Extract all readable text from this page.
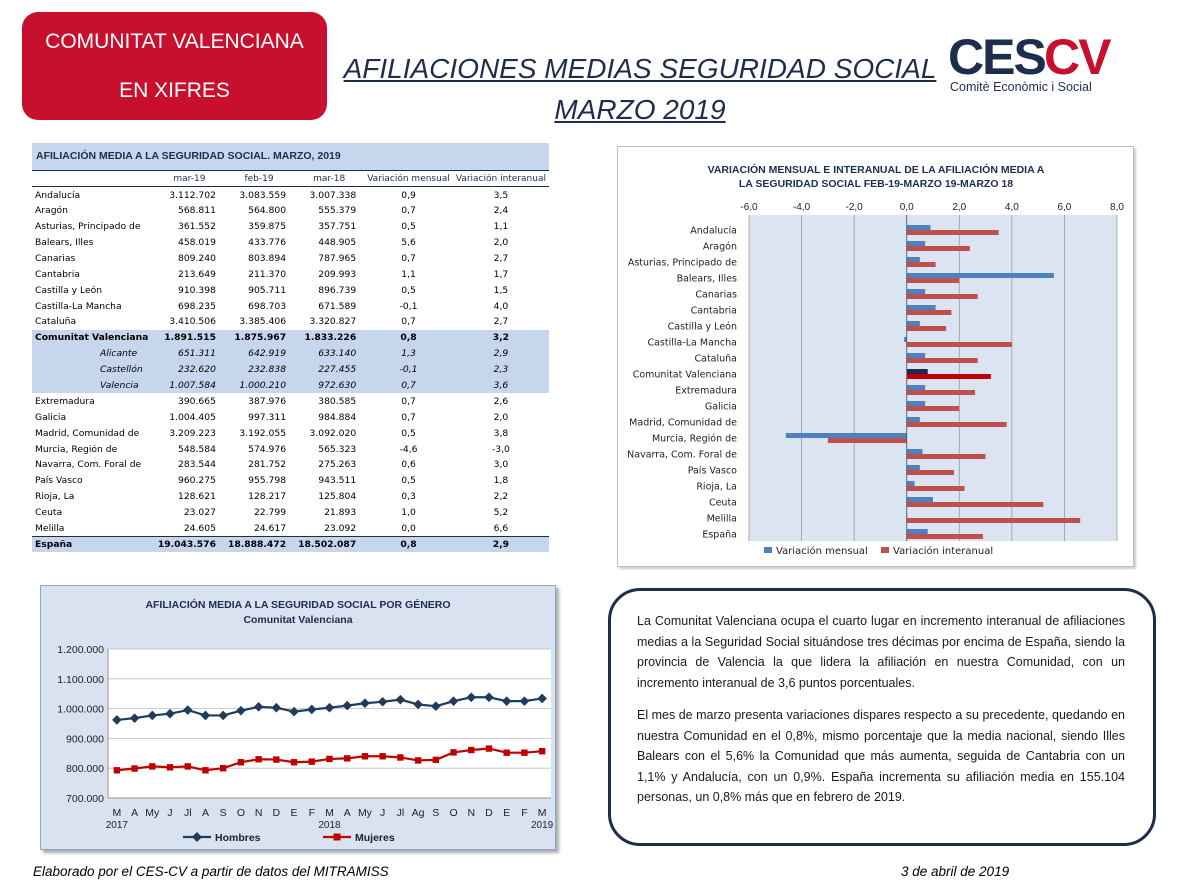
COMUNITAT VALENCIANA
EN XIFRES
AFILIACIONES MEDIAS SEGURIDAD SOCIAL
MARZO 2019
CES CV
Comitè Econòmic i Social
AFILIACIÓN MEDIA A LA SEGURIDAD SOCIAL. MARZO, 2019
	mar-19	feb-19	mar-18	Variación mensual	Variación interanual
Andalucía	3.112.702	3.083.559	3.007.338	0,9	3,5
Aragón	568.811	564.800	555.379	0,7	2,4
Asturias, Principado de	361.552	359.875	357.751	0,5	1,1
Balears, Illes	458.019	433.776	448.905	5,6	2,0
Canarias	809.240	803.894	787.965	0,7	2,7
Cantabria	213.649	211.370	209.993	1,1	1,7
Castilla y León	910.398	905.711	896.739	0,5	1,5
Castilla-La Mancha	698.235	698.703	671.589	-0,1	4,0
Cataluña	3.410.506	3.385.406	3.320.827	0,7	2,7
Comunitat Valenciana	1.891.515	1.875.967	1.833.226	0,8	3,2
Alicante	651.311	642.919	633.140	1,3	2,9
Castellón	232.620	232.838	227.455	-0,1	2,3
Valencia	1.007.584	1.000.210	972.630	0,7	3,6
Extremadura	390.665	387.976	380.585	0,7	2,6
Galicia	1.004.405	997.311	984.884	0,7	2,0
Madrid, Comunidad de	3.209.223	3.192.055	3.092.020	0,5	3,8
Murcia, Región de	548.584	574.976	565.323	-4,6	-3,0
Navarra, Com. Foral de	283.544	281.752	275.263	0,6	3,0
País Vasco	960.275	955.798	943.511	0,5	1,8
Rioja, La	128.621	128.217	125.804	0,3	2,2
Ceuta	23.027	22.799	21.893	1,0	5,2
Melilla	24.605	24.617	23.092	0,0	6,6
España	19.043.576	18.888.472	18.502.087	0,8	2,9
VARIACIÓN MENSUAL E INTERANUAL DE LA AFILIACIÓN MEDIA A
LA SEGURIDAD SOCIAL FEB-19-MARZO 19-MARZO 18
-6,0	-4,0	-2,0	0,0	2,0	4,0	6,0	8,0
Andalucía
Aragón
Asturias, Principado de
Balears, Illes
Canarias
Cantabria
Castilla y León
Castilla-La Mancha
Cataluña
Comunitat Valenciana
Extremadura
Galicia
Madrid, Comunidad de
Murcia, Región de
Navarra, Com. Foral de
País Vasco
Rioja, La
Ceuta
Melilla
España
Variación mensual	Variación interanual
AFILIACIÓN MEDIA A LA SEGURIDAD SOCIAL POR GÉNERO
Comunitat Valenciana
700.000
800.000
900.000
1.000.000
1.100.000
1.200.000
M A My J Jl A S O N D E F M A My J Jl Ag S O N D E F M
2017	2018	2019
Hombres	Mujeres

La Comunitat Valenciana ocupa el cuarto lugar en incremento interanual de afiliaciones medias a la Seguridad Social situándose tres décimas por encima de España, siendo la provincia de Valencia la que lidera la afiliación en nuestra Comunidad, con un incremento interanual de 3,6 puntos porcentuales.

El mes de marzo presenta variaciones dispares respecto a su precedente, quedando en nuestra Comunidad en el 0,8%, mismo porcentaje que la media nacional, siendo Illes Balears con el 5,6% la Comunidad que más aumenta, seguida de Cantabria con un 1,1% y Andalucía, con un 0,9%. España incrementa su afiliación media en 155.104 personas, un 0,8% más que en febrero de 2019.

Elaborado por el CES-CV a partir de datos del MITRAMISS	3 de abril de 2019
